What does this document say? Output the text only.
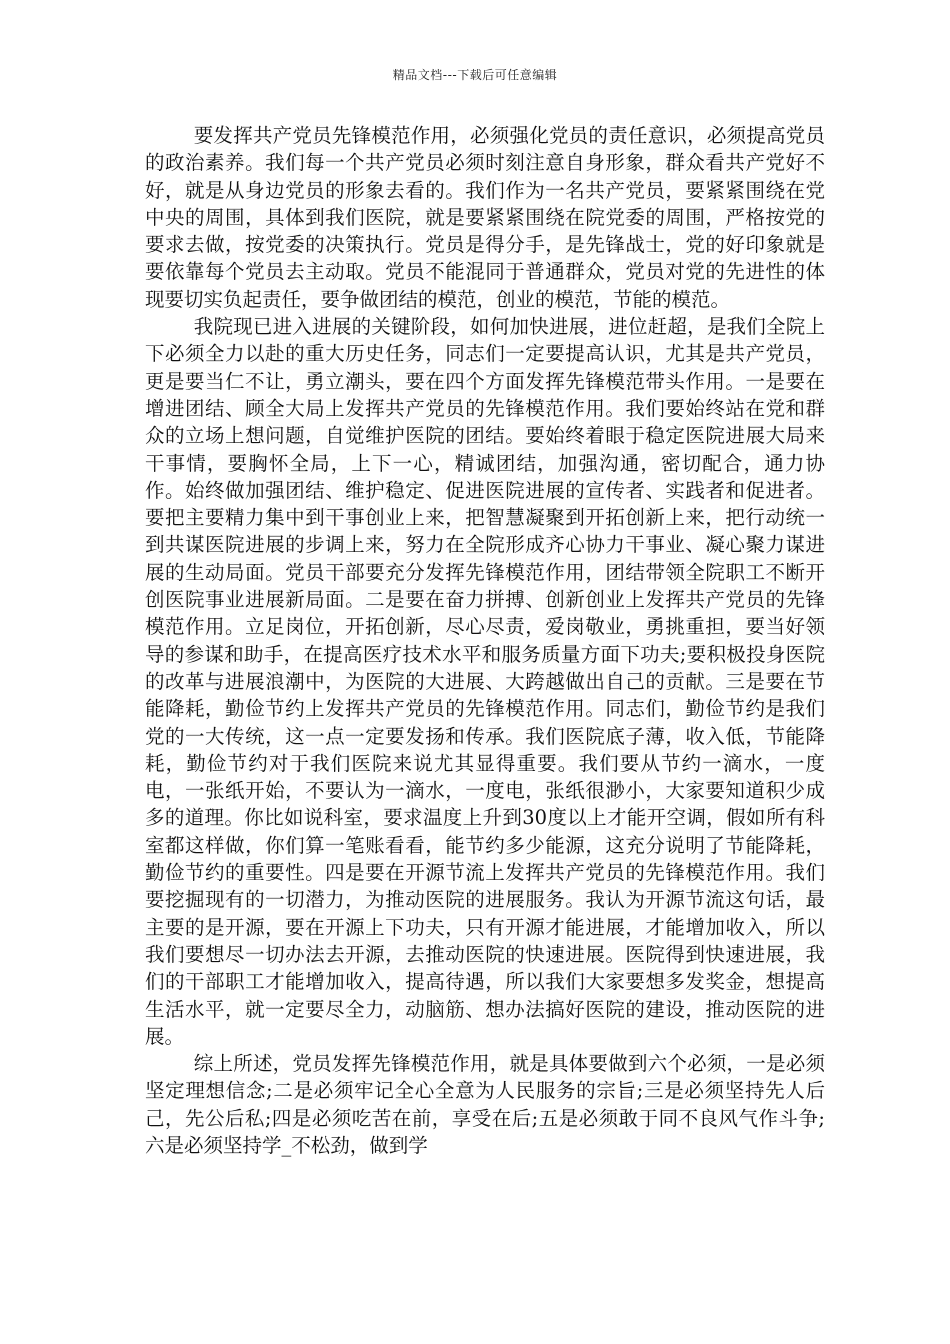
精品文档---下载后可任意编辑

要发挥共产党员先锋模范作用，必须强化党员的责任意识，必须提高党员的政治素养。我们每一个共产党员必须时刻注意自身形象，群众看共产党好不好，就是从身边党员的形象去看的。我们作为一名共产党员，要紧紧围绕在党中央的周围，具体到我们医院，就是要紧紧围绕在院党委的周围，严格按党的要求去做，按党委的决策执行。党员是得分手，是先锋战士，党的好印象就是要依靠每个党员去主动取。党员不能混同于普通群众，党员对党的先进性的体现要切实负起责任，要争做团结的模范，创业的模范，节能的模范。

我院现已进入进展的关键阶段，如何加快进展，进位赶超，是我们全院上下必须全力以赴的重大历史任务，同志们一定要提高认识，尤其是共产党员，更是要当仁不让，勇立潮头，要在四个方面发挥先锋模范带头作用。一是要在增进团结、顾全大局上发挥共产党员的先锋模范作用。我们要始终站在党和群众的立场上想问题，自觉维护医院的团结。要始终着眼于稳定医院进展大局来干事情，要胸怀全局，上下一心，精诚团结，加强沟通，密切配合，通力协作。始终做加强团结、维护稳定、促进医院进展的宣传者、实践者和促进者。要把主要精力集中到干事创业上来，把智慧凝聚到开拓创新上来，把行动统一到共谋医院进展的步调上来，努力在全院形成齐心协力干事业、凝心聚力谋进展的生动局面。党员干部要充分发挥先锋模范作用，团结带领全院职工不断开创医院事业进展新局面。二是要在奋力拼搏、创新创业上发挥共产党员的先锋模范作用。立足岗位，开拓创新，尽心尽责，爱岗敬业，勇挑重担，要当好领导的参谋和助手，在提高医疗技术水平和服务质量方面下功夫;要积极投身医院的改革与进展浪潮中，为医院的大进展、大跨越做出自己的贡献。三是要在节能降耗，勤俭节约上发挥共产党员的先锋模范作用。同志们，勤俭节约是我们党的一大传统，这一点一定要发扬和传承。我们医院底子薄，收入低，节能降耗，勤俭节约对于我们医院来说尤其显得重要。我们要从节约一滴水，一度电，一张纸开始，不要认为一滴水，一度电，张纸很渺小，大家要知道积少成多的道理。你比如说科室，要求温度上升到30度以上才能开空调，假如所有科室都这样做，你们算一笔账看看，能节约多少能源，这充分说明了节能降耗，勤俭节约的重要性。四是要在开源节流上发挥共产党员的先锋模范作用。我们要挖掘现有的一切潜力，为推动医院的进展服务。我认为开源节流这句话，最主要的是开源，要在开源上下功夫，只有开源才能进展，才能增加收入，所以我们要想尽一切办法去开源，去推动医院的快速进展。医院得到快速进展，我们的干部职工才能增加收入，提高待遇，所以我们大家要想多发奖金，想提高生活水平，就一定要尽全力，动脑筋、想办法搞好医院的建设，推动医院的进展。

综上所述，党员发挥先锋模范作用，就是具体要做到六个必须，一是必须坚定理想信念;二是必须牢记全心全意为人民服务的宗旨;三是必须坚持先人后己，先公后私;四是必须吃苦在前，享受在后;五是必须敢于同不良风气作斗争;六是必须坚持学_不松劲，做到学
